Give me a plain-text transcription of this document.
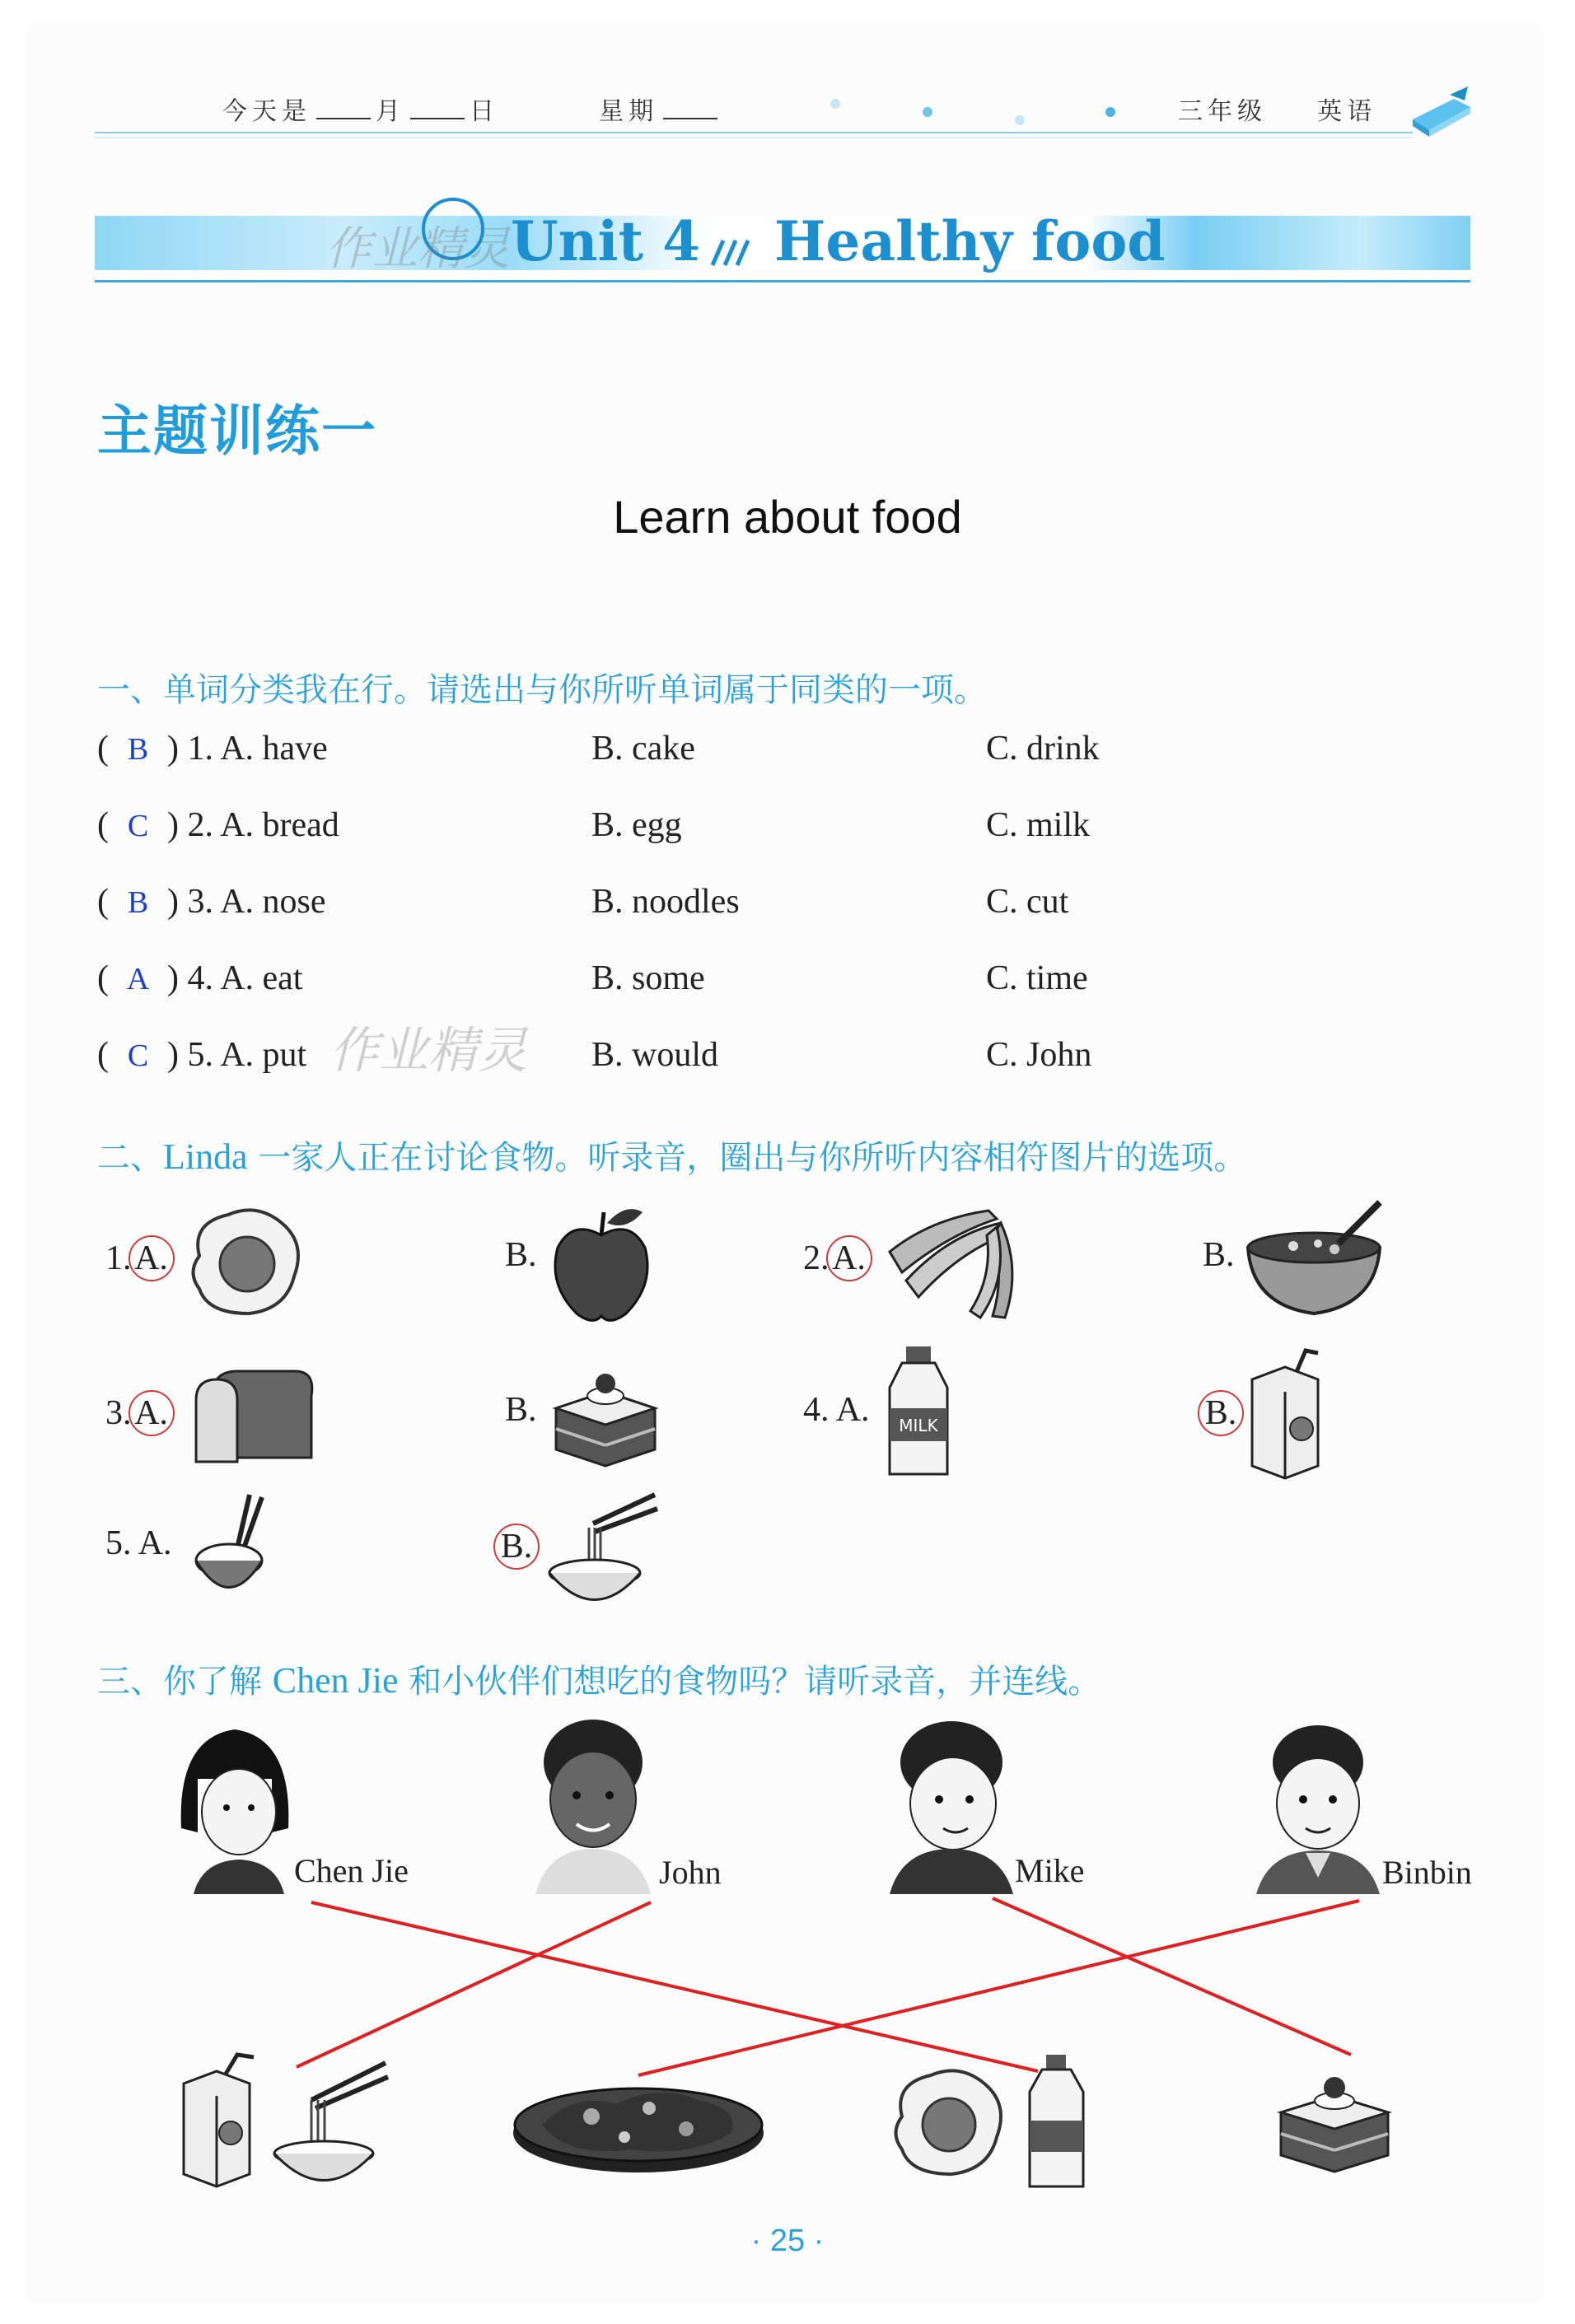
今天是	月	日	星期	三年级 英语
Unit 4 Healthy food
作业精灵
主题训练一
Learn about food
一、单词分类我在行。请选出与你所听单词属于同类的一项。
( B ) 1. A. have	B. cake	C. drink
( C ) 2. A. bread	B. egg	C. milk
( B ) 3. A. nose	B. noodles	C. cut
( A ) 4. A. eat	B. some	C. time
( C ) 5. A. put	B. would	C. John
作业精灵
二、Linda 一家人正在讨论食物。听录音，圈出与你所听内容相符图片的选项。
1.A.	B.	2.A.	B.
3.A.	B.	4. A.	B.
5. A.	B.
MILK
三、你了解 Chen Jie 和小伙伴们想吃的食物吗？请听录音，并连线。
Chen Jie	John	Mike	Binbin
· 25 ·
